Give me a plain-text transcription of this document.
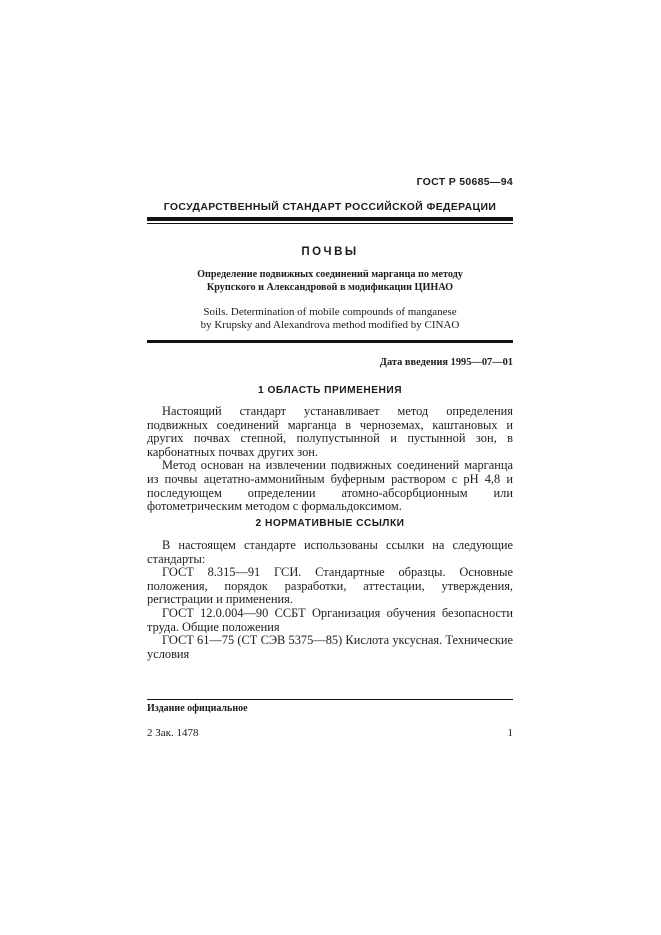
ГОСТ Р 50685—94
ГОСУДАРСТВЕННЫЙ СТАНДАРТ РОССИЙСКОЙ ФЕДЕРАЦИИ
ПОЧВЫ
Определение подвижных соединений марганца по методу
Крупского и Александровой в модификации ЦИНАО
Soils. Determination of mobile compounds of manganese
by Krupsky and Alexandrova method modified by CINAO
Дата введения 1995—07—01
1 ОБЛАСТЬ ПРИМЕНЕНИЯ

Настоящий стандарт устанавливает метод определения подвижных соединений марганца в черноземах, каштановых и других почвах степной, полупустынной и пустынной зон, в карбонатных почвах других зон.

Метод основан на извлечении подвижных соединений марганца из почвы ацетатно-аммонийным буферным раствором с pH 4,8 и последующем определении атомно-абсорбционным или фотометрическим методом с формальдоксимом.

2 НОРМАТИВНЫЕ ССЫЛКИ

В настоящем стандарте использованы ссылки на следующие стандарты:

ГОСТ 8.315—91 ГСИ. Стандартные образцы. Основные положения, порядок разработки, аттестации, утверждения, регистрации и применения.

ГОСТ 12.0.004—90 ССБТ Организация обучения безопасности труда. Общие положения

ГОСТ 61—75 (СТ СЭВ 5375—85) Кислота уксусная. Технические условия

Издание официальное
2 Зак. 1478	1
